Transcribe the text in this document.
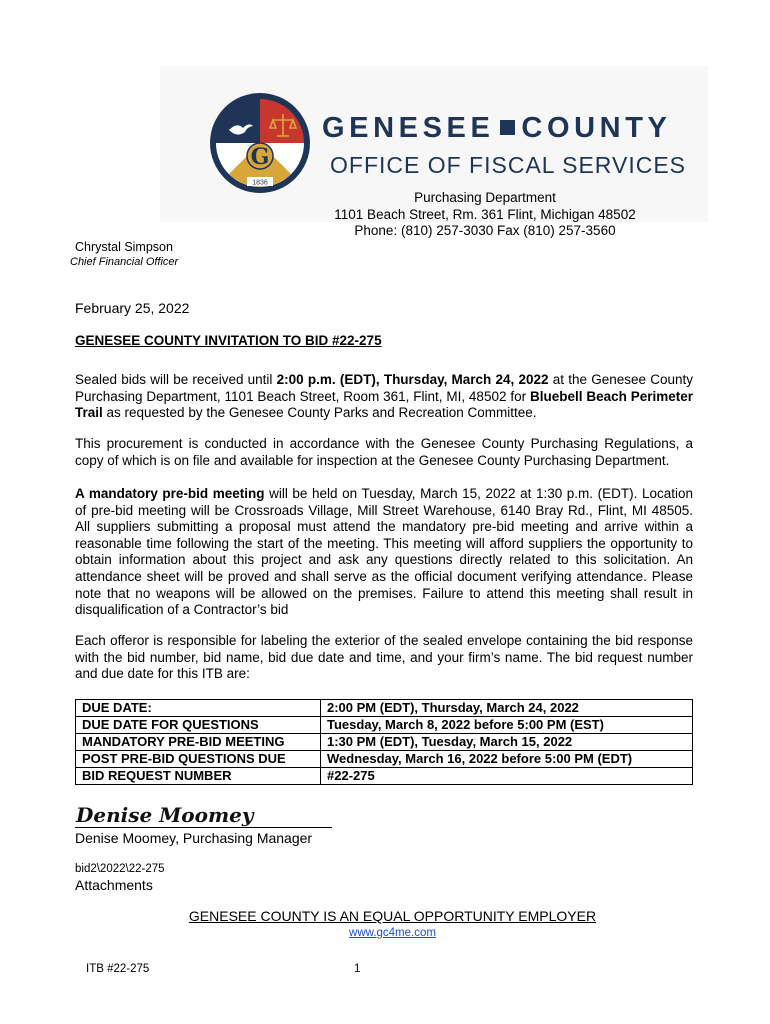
G
1836
GENESEE COUNTY
OFFICE OF FISCAL SERVICES
Purchasing Department
1101 Beach Street, Rm. 361 Flint, Michigan 48502
Phone: (810) 257-3030 Fax (810) 257-3560
Chrystal Simpson
Chief Financial Officer
February 25, 2022
GENESEE COUNTY INVITATION TO BID #22-275
Sealed bids will be received until 2:00 p.m. (EDT), Thursday, March 24, 2022 at the Genesee County Purchasing Department, 1101 Beach Street, Room 361, Flint, MI, 48502 for Bluebell Beach Perimeter Trail as requested by the Genesee County Parks and Recreation Committee.
This procurement is conducted in accordance with the Genesee County Purchasing Regulations, a copy of which is on file and available for inspection at the Genesee County Purchasing Department.
A mandatory pre-bid meeting will be held on Tuesday, March 15, 2022 at 1:30 p.m. (EDT). Location of pre-bid meeting will be Crossroads Village, Mill Street Warehouse, 6140 Bray Rd., Flint, MI 48505. All suppliers submitting a proposal must attend the mandatory pre-bid meeting and arrive within a reasonable time following the start of the meeting. This meeting will afford suppliers the opportunity to obtain information about this project and ask any questions directly related to this solicitation. An attendance sheet will be proved and shall serve as the official document verifying attendance. Please note that no weapons will be allowed on the premises. Failure to attend this meeting shall result in disqualification of a Contractor’s bid
Each offeror is responsible for labeling the exterior of the sealed envelope containing the bid response with the bid number, bid name, bid due date and time, and your firm’s name. The bid request number and due date for this ITB are:
DUE DATE:	2:00 PM (EDT), Thursday, March 24, 2022
DUE DATE FOR QUESTIONS	Tuesday, March 8, 2022 before 5:00 PM (EST)
MANDATORY PRE-BID MEETING	1:30 PM (EDT), Tuesday, March 15, 2022
POST PRE-BID QUESTIONS DUE	Wednesday, March 16, 2022 before 5:00 PM (EDT)
BID REQUEST NUMBER	#22-275
Denise Moomey
Denise Moomey, Purchasing Manager
bid2\2022\22-275
Attachments
GENESEE COUNTY IS AN EQUAL OPPORTUNITY EMPLOYER
www.gc4me.com
ITB #22-275	1
